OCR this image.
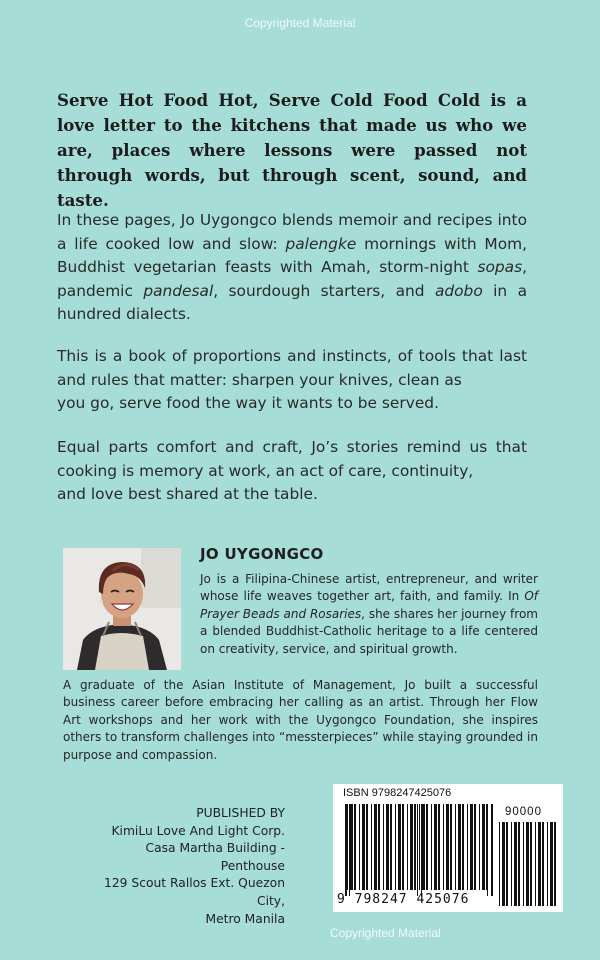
Copyrighted Material

Serve Hot Food Hot, Serve Cold Food Cold is a love letter to the kitchens that made us who we are, places where lessons were passed not through words, but through scent, sound, and taste.

In these pages, Jo Uygongco blends memoir and recipes into a life cooked low and slow: palengke mornings with Mom, Buddhist vegetarian feasts with Amah, storm-night sopas, pandemic pandesal, sourdough starters, and adobo in a hundred dialects.

This is a book of proportions and instincts, of tools that last and rules that matter: sharpen your knives, clean as
you go, serve food the way it wants to be served.

Equal parts comfort and craft, Jo’s stories remind us that cooking is memory at work, an act of care, continuity,
and love best shared at the table.

JO UYGONGCO

Jo is a Filipina-Chinese artist, entrepreneur, and writer whose life weaves together art, faith, and family. In Of Prayer Beads and Rosaries, she shares her journey from a blended Buddhist-Catholic heritage to a life centered on creativity, service, and spiritual growth.

A graduate of the Asian Institute of Management, Jo built a successful business career before embracing her calling as an artist. Through her Flow Art workshops and her work with the Uygongco Foundation, she inspires others to transform challenges into “messterpieces” while staying grounded in purpose and compassion.

PUBLISHED BY
KimiLu Love And Light Corp.
Casa Martha Building - Penthouse
129 Scout Rallos Ext. Quezon City,
Metro Manila
ISBN 9798247425076
90000
9 798247 425076
Copyrighted Material
